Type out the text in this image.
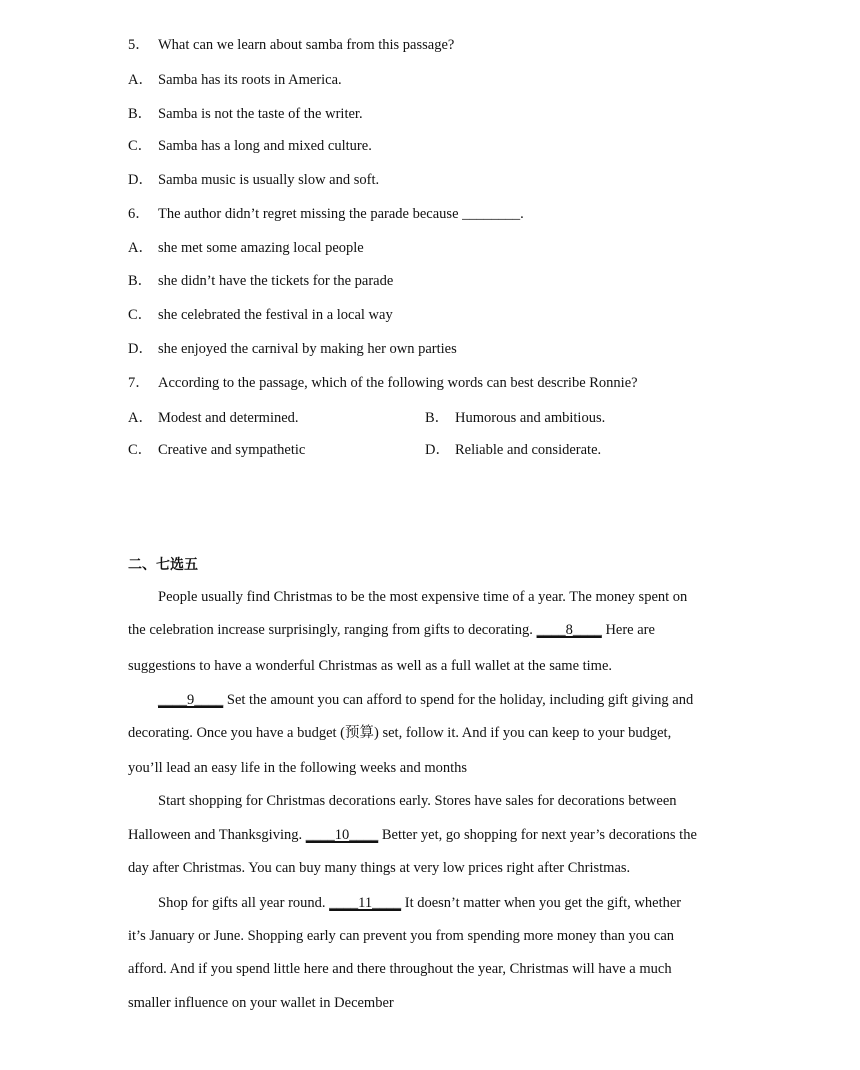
5． What can we learn about samba from this passage?
A． Samba has its roots in America.
B． Samba is not the taste of the writer.
C． Samba has a long and mixed culture.
D． Samba music is usually slow and soft.
6． The author didn’t regret missing the parade because ________.
A． she met some amazing local people
B． she didn’t have the tickets for the parade
C． she celebrated the festival in a local way
D． she enjoyed the carnival by making her own parties
7． According to the passage, which of the following words can best describe Ronnie?
A． Modest and determined.	B． Humorous and ambitious.
C． Creative and sympathetic	D． Reliable and considerate.
二、七选五
People usually find Christmas to be the most expensive time of a year. The money spent on
the celebration increase surprisingly, ranging from gifts to decorating. ____8____ Here are
suggestions to have a wonderful Christmas as well as a full wallet at the same time.
____9____ Set the amount you can afford to spend for the holiday, including gift giving and
decorating. Once you have a budget (预算) set, follow it. And if you can keep to your budget,
you’ll lead an easy life in the following weeks and months
Start shopping for Christmas decorations early. Stores have sales for decorations between
Halloween and Thanksgiving. ____10____ Better yet, go shopping for next year’s decorations the
day after Christmas. You can buy many things at very low prices right after Christmas.
Shop for gifts all year round. ____11____ It doesn’t matter when you get the gift, whether
it’s January or June. Shopping early can prevent you from spending more money than you can
afford. And if you spend little here and there throughout the year, Christmas will have a much
smaller influence on your wallet in December
